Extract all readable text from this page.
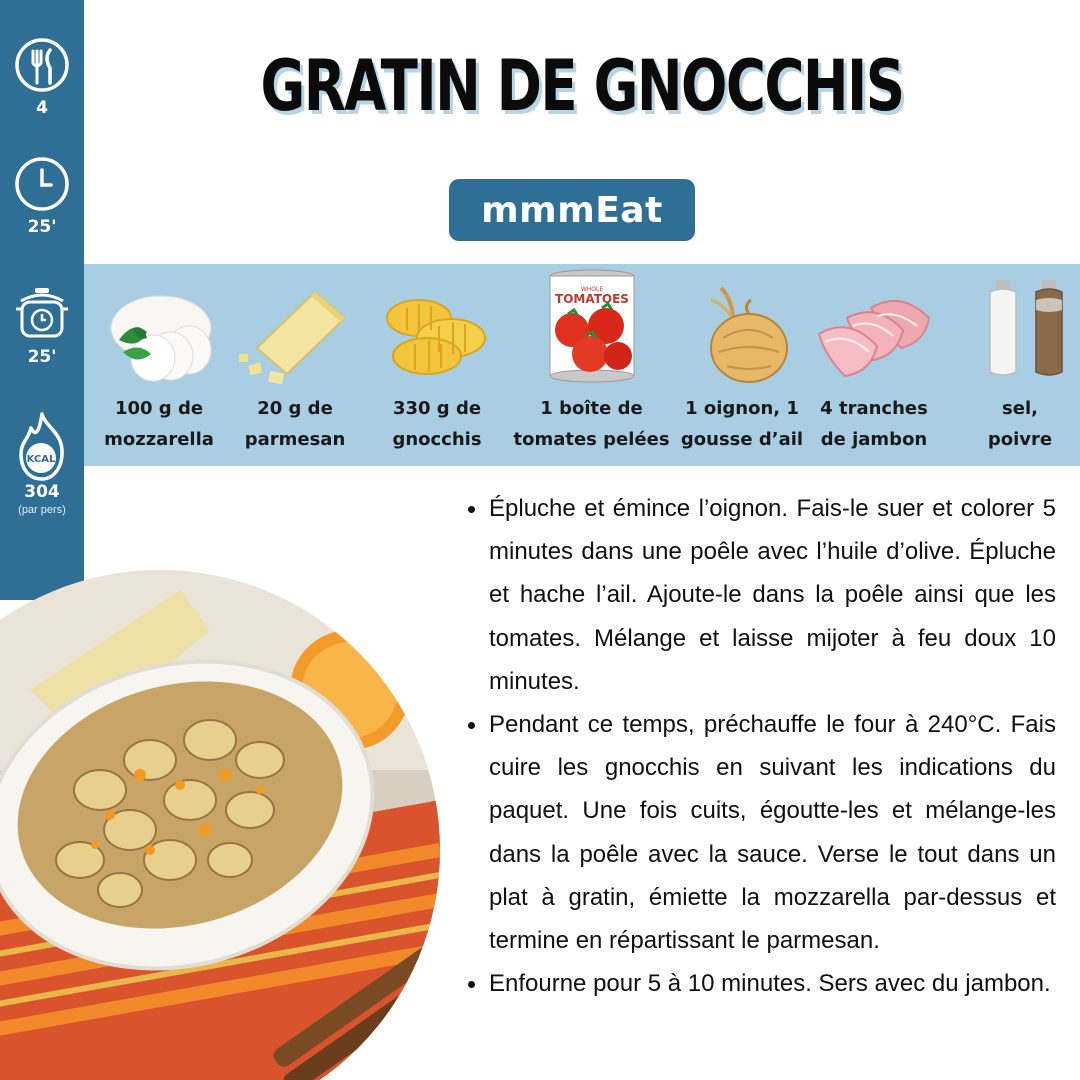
4
25'
25'
KCAL
304
(par pers)
GRATIN DE GNOCCHIS
mmmEat
100 g de
mozzarella
20 g de
parmesan
330 g de
gnocchis
WHOLE
TOMATOES
1 boîte de
tomates pelées
1 oignon, 1
gousse d’ail
4 tranches
de jambon
sel,
poivre
Épluche et émince l’oignon. Fais-le suer et colorer 5 minutes dans une poêle avec l’huile d’olive. Épluche et hache l’ail. Ajoute-le dans la poêle ainsi que les tomates. Mélange et laisse mijoter à feu doux 10 minutes.
Pendant ce temps, préchauffe le four à 240°C. Fais cuire les gnocchis en suivant les indications du paquet. Une fois cuits, égoutte-les et mélange-les dans la poêle avec la sauce. Verse le tout dans un plat à gratin, émiette la mozzarella par-dessus et termine en répartissant le parmesan.
Enfourne pour 5 à 10 minutes. Sers avec du jambon.
